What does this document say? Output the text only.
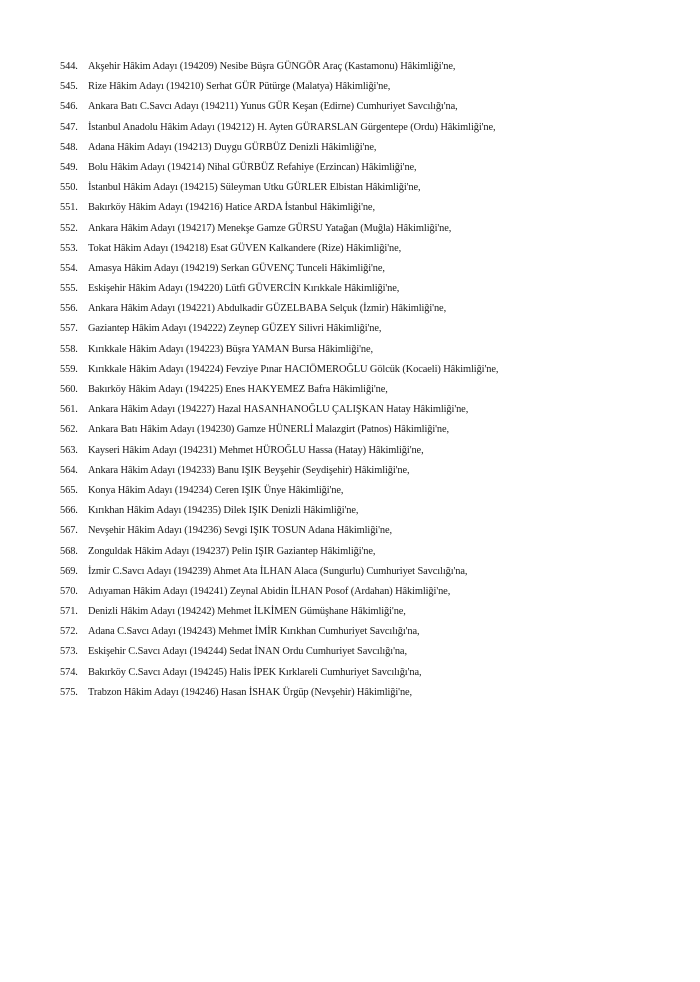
544. Akşehir Hâkim Adayı (194209) Nesibe Büşra GÜNGÖR Araç (Kastamonu) Hâkimliği'ne,
545. Rize Hâkim Adayı (194210) Serhat GÜR Pütürge (Malatya) Hâkimliği'ne,
546. Ankara Batı C.Savcı Adayı (194211) Yunus GÜR Keşan (Edirne) Cumhuriyet Savcılığı'na,
547. İstanbul Anadolu Hâkim Adayı (194212) H. Ayten GÜRARSLAN Gürgentepe (Ordu) Hâkimliği'ne,
548. Adana Hâkim Adayı (194213) Duygu GÜRBÜZ Denizli Hâkimliği'ne,
549. Bolu Hâkim Adayı (194214) Nihal GÜRBÜZ Refahiye (Erzincan) Hâkimliği'ne,
550. İstanbul Hâkim Adayı (194215) Süleyman Utku GÜRLER Elbistan Hâkimliği'ne,
551. Bakırköy Hâkim Adayı (194216) Hatice ARDA İstanbul Hâkimliği'ne,
552. Ankara Hâkim Adayı (194217) Menekşe Gamze GÜRSU Yatağan (Muğla) Hâkimliği'ne,
553. Tokat Hâkim Adayı (194218) Esat GÜVEN Kalkandere (Rize) Hâkimliği'ne,
554. Amasya Hâkim Adayı (194219) Serkan GÜVENÇ Tunceli Hâkimliği'ne,
555. Eskişehir Hâkim Adayı (194220) Lütfi GÜVERCİN Kırıkkale Hâkimliği'ne,
556. Ankara Hâkim Adayı (194221) Abdulkadir GÜZELBABA Selçuk (İzmir) Hâkimliği'ne,
557. Gaziantep Hâkim Adayı (194222) Zeynep GÜZEY Silivri Hâkimliği'ne,
558. Kırıkkale Hâkim Adayı (194223) Büşra YAMAN Bursa Hâkimliği'ne,
559. Kırıkkale Hâkim Adayı (194224) Fevziye Pınar HACIÖMEROĞLU Gölcük (Kocaeli) Hâkimliği'ne,
560. Bakırköy Hâkim Adayı (194225) Enes HAKYEMEZ Bafra Hâkimliği'ne,
561. Ankara Hâkim Adayı (194227) Hazal HASANHANOĞLU ÇALIŞKAN Hatay Hâkimliği'ne,
562. Ankara Batı Hâkim Adayı (194230) Gamze HÜNERLİ Malazgirt (Patnos) Hâkimliği'ne,
563. Kayseri Hâkim Adayı (194231) Mehmet HÜROĞLU Hassa (Hatay) Hâkimliği'ne,
564. Ankara Hâkim Adayı (194233) Banu IŞIK Beyşehir (Seydişehir) Hâkimliği'ne,
565. Konya Hâkim Adayı (194234) Ceren IŞIK Ünye Hâkimliği'ne,
566. Kırıkhan Hâkim Adayı (194235) Dilek IŞIK Denizli Hâkimliği'ne,
567. Nevşehir Hâkim Adayı (194236) Sevgi IŞIK TOSUN Adana Hâkimliği'ne,
568. Zonguldak Hâkim Adayı (194237) Pelin IŞIR Gaziantep Hâkimliği'ne,
569. İzmir C.Savcı Adayı (194239) Ahmet Ata İLHAN Alaca (Sungurlu) Cumhuriyet Savcılığı'na,
570. Adıyaman Hâkim Adayı (194241) Zeynal Abidin İLHAN Posof (Ardahan) Hâkimliği'ne,
571. Denizli Hâkim Adayı (194242) Mehmet İLKİMEN Gümüşhane Hâkimliği'ne,
572. Adana C.Savcı Adayı (194243) Mehmet İMİR Kırıkhan Cumhuriyet Savcılığı'na,
573. Eskişehir C.Savcı Adayı (194244) Sedat İNAN Ordu Cumhuriyet Savcılığı'na,
574. Bakırköy C.Savcı Adayı (194245) Halis İPEK Kırklareli Cumhuriyet Savcılığı'na,
575. Trabzon Hâkim Adayı (194246) Hasan İSHAK Ürgüp (Nevşehir) Hâkimliği'ne,
